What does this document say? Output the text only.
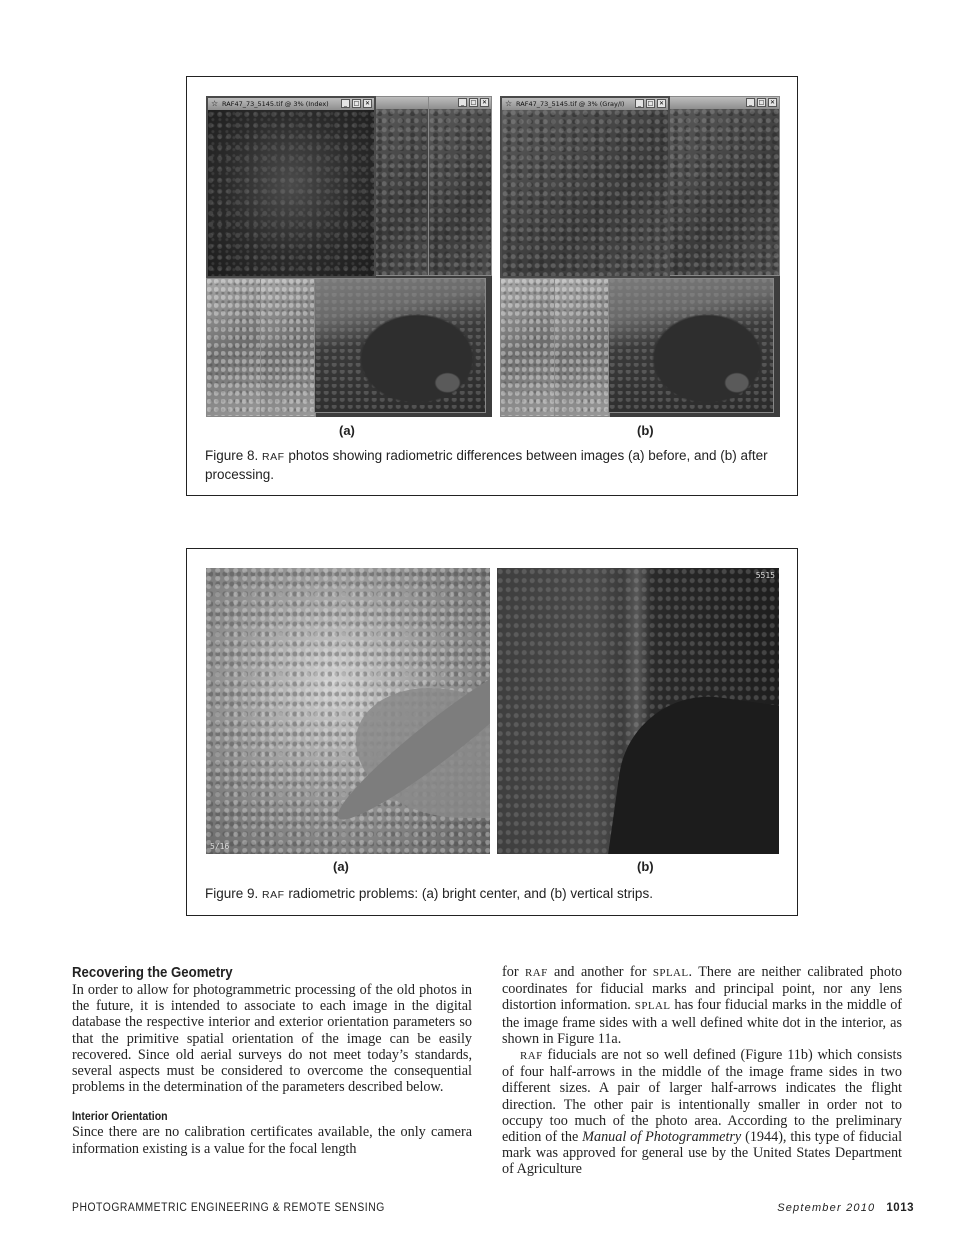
_	□ ✕
☆ RAF47_73_5145.tif @ 3% (Index)	_	□ ✕	_	□ ✕
☆ RAF47_73_5145.tif @ 3% (Gray/I)	_	□ ✕
(a)	(b)
Figure 8. RAF photos showing radiometric differences between images (a) before, and (b) after processing.
5/16
5515
(a)	(b)
Figure 9. RAF radiometric problems: (a) bright center, and (b) vertical strips.
Recovering the Geometry

In order to allow for photogrammetric processing of the old photos in the future, it is intended to associate to each image in the digital database the respective interior and exterior orientation parameters so that the primitive spatial orientation of the image can be easily recovered. Since old aerial surveys do not meet today’s standards, several aspects must be considered to overcome the consequential problems in the determination of the parameters described below.

Interior Orientation

Since there are no calibration certificates available, the only camera information existing is a value for the focal length

for RAF and another for SPLAL. There are neither calibrated photo coordinates for fiducial marks and principal point, nor any lens distortion information. SPLAL has four fiducial marks in the middle of the image frame sides with a well defined white dot in the interior, as shown in Figure 11a.

RAF fiducials are not so well defined (Figure 11b) which consists of four half-arrows in the middle of the image frame sides in two different sizes. A pair of larger half-arrows indicates the flight direction. The other pair is intentionally smaller in order not to occupy too much of the photo area. According to the preliminary edition of the Manual of Photogrammetry (1944), this type of fiducial mark was approved for general use by the United States Department of Agriculture

PHOTOGRAMMETRIC ENGINEERING & REMOTE SENSING	September 2010 1013
